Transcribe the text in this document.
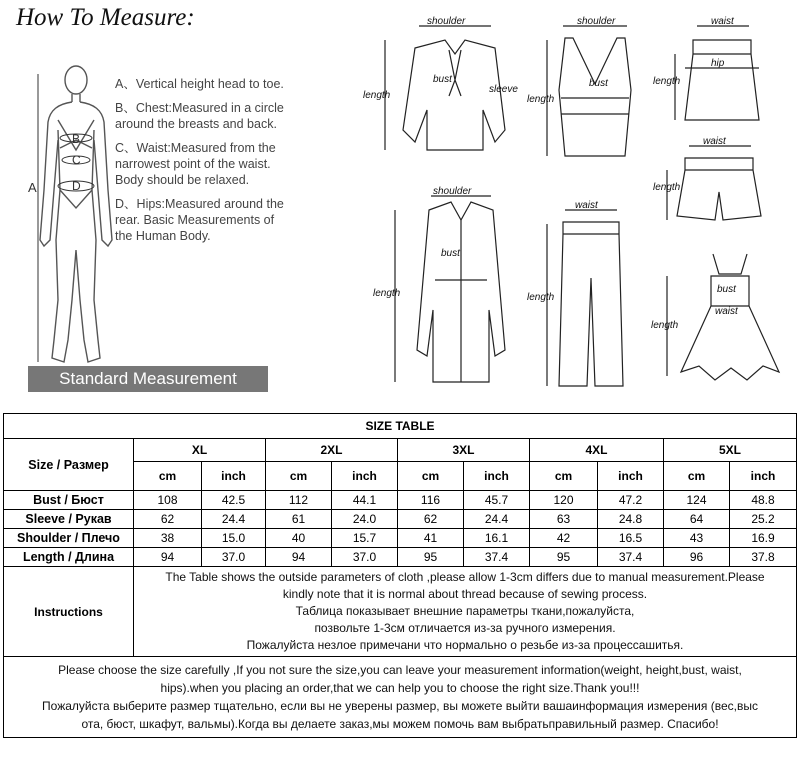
How To Measure:
A
B
C
D
A、Vertical height head to toe.
B、Chest:Measured in a circle around the breasts and back.
C、Waist:Measured from the narrowest point of the waist. Body should be relaxed.
D、Hips:Measured around the rear. Basic Measurements of the Human Body.
Standard Measurement
shoulder
bust
sleeve
length
shoulder
bust
length
waist
hip
length
waist
length
shoulder
bust
length
waist
length
bust
waist
length
SIZE TABLE										
Size / Размер	XL		2XL		3XL		4XL		5XL	
	cm	inch	cm	inch	cm	inch	cm	inch	cm	inch
Bust / Бюст	108	42.5	112	44.1	116	45.7	120	47.2	124	48.8
Sleeve / Рукав	62	24.4	61	24.0	62	24.4	63	24.8	64	25.2
Shoulder / Плечо	38	15.0	40	15.7	41	16.1	42	16.5	43	16.9
Length / Длина	94	37.0	94	37.0	95	37.4	95	37.4	96	37.8
Instructions	The Table shows the outside parameters of cloth ,please allow 1-3cm differs due to manual measurement.Please
kindly note that it is normal about thread because of sewing process.
Таблица показывает внешние параметры ткани,пожалуйста,
позвольте 1-3см отличается из-за ручного измерения.
Пожалуйста незлое примечани что нормально о резьбе из-за процессашитья.									

Please choose the size carefully ,If you not sure the size,you can leave your measurement information(weight, height,bust, waist,
hips).when you placing an order,that we can help you to choose the right size.Thank you!!!
Пожалуйста выберите размер тщательно, если вы не уверены размер, вы можете выйти вашаинформация измерения (вес,выс
ота, бюст, шкафут, вальмы).Когда вы делаете заказ,мы можем помочь вам выбратьправильный размер. Спасибо!										
